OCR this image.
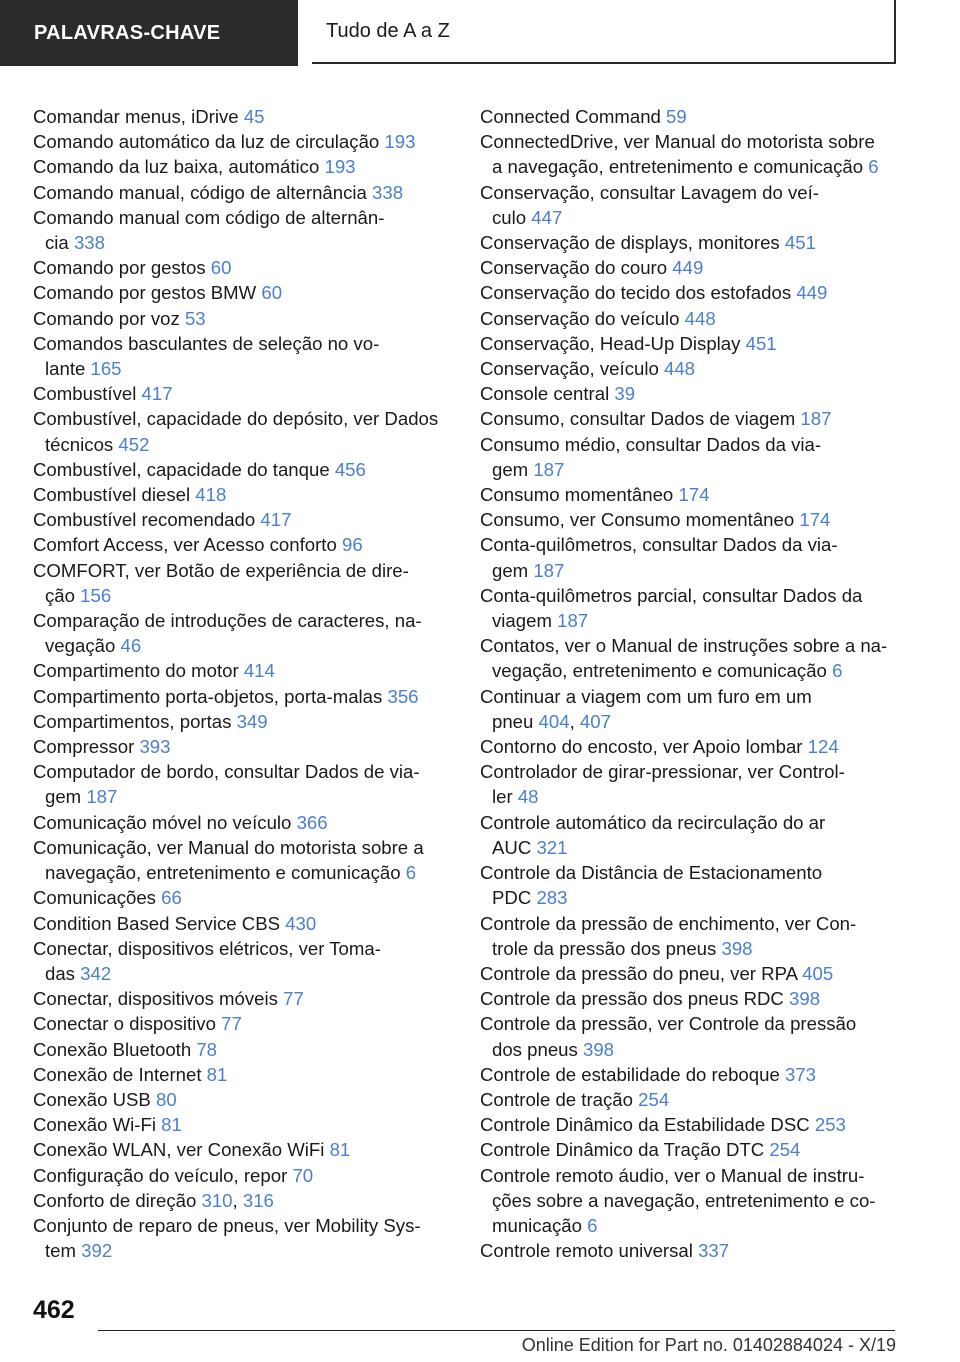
PALAVRAS-CHAVE	Tudo de A a Z
Comandar menus, iDrive 45
Comando automático da luz de circulação 193
Comando da luz baixa, automático 193
Comando manual, código de alternância 338
Comando manual com código de alternân-
cia 338
Comando por gestos 60
Comando por gestos BMW 60
Comando por voz 53
Comandos basculantes de seleção no vo-
lante 165
Combustível 417
Combustível, capacidade do depósito, ver Dados
técnicos 452
Combustível, capacidade do tanque 456
Combustível diesel 418
Combustível recomendado 417
Comfort Access, ver Acesso conforto 96
COMFORT, ver Botão de experiência de dire-
ção 156
Comparação de introduções de caracteres, na-
vegação 46
Compartimento do motor 414
Compartimento porta-objetos, porta-malas 356
Compartimentos, portas 349
Compressor 393
Computador de bordo, consultar Dados de via-
gem 187
Comunicação móvel no veículo 366
Comunicação, ver Manual do motorista sobre a
navegação, entretenimento e comunicação 6
Comunicações 66
Condition Based Service CBS 430
Conectar, dispositivos elétricos, ver Toma-
das 342
Conectar, dispositivos móveis 77
Conectar o dispositivo 77
Conexão Bluetooth 78
Conexão de Internet 81
Conexão USB 80
Conexão Wi-Fi 81
Conexão WLAN, ver Conexão WiFi 81
Configuração do veículo, repor 70
Conforto de direção 310, 316
Conjunto de reparo de pneus, ver Mobility Sys-
tem 392
Connected Command 59
ConnectedDrive, ver Manual do motorista sobre
a navegação, entretenimento e comunicação 6
Conservação, consultar Lavagem do veí-
culo 447
Conservação de displays, monitores 451
Conservação do couro 449
Conservação do tecido dos estofados 449
Conservação do veículo 448
Conservação, Head-Up Display 451
Conservação, veículo 448
Console central 39
Consumo, consultar Dados de viagem 187
Consumo médio, consultar Dados da via-
gem 187
Consumo momentâneo 174
Consumo, ver Consumo momentâneo 174
Conta-quilômetros, consultar Dados da via-
gem 187
Conta-quilômetros parcial, consultar Dados da
viagem 187
Contatos, ver o Manual de instruções sobre a na-
vegação, entretenimento e comunicação 6
Continuar a viagem com um furo em um
pneu 404, 407
Contorno do encosto, ver Apoio lombar 124
Controlador de girar-pressionar, ver Control-
ler 48
Controle automático da recirculação do ar
AUC 321
Controle da Distância de Estacionamento
PDC 283
Controle da pressão de enchimento, ver Con-
trole da pressão dos pneus 398
Controle da pressão do pneu, ver RPA 405
Controle da pressão dos pneus RDC 398
Controle da pressão, ver Controle da pressão
dos pneus 398
Controle de estabilidade do reboque 373
Controle de tração 254
Controle Dinâmico da Estabilidade DSC 253
Controle Dinâmico da Tração DTC 254
Controle remoto áudio, ver o Manual de instru-
ções sobre a navegação, entretenimento e co-
municação 6
Controle remoto universal 337
462
Online Edition for Part no. 01402884024 - X/19
